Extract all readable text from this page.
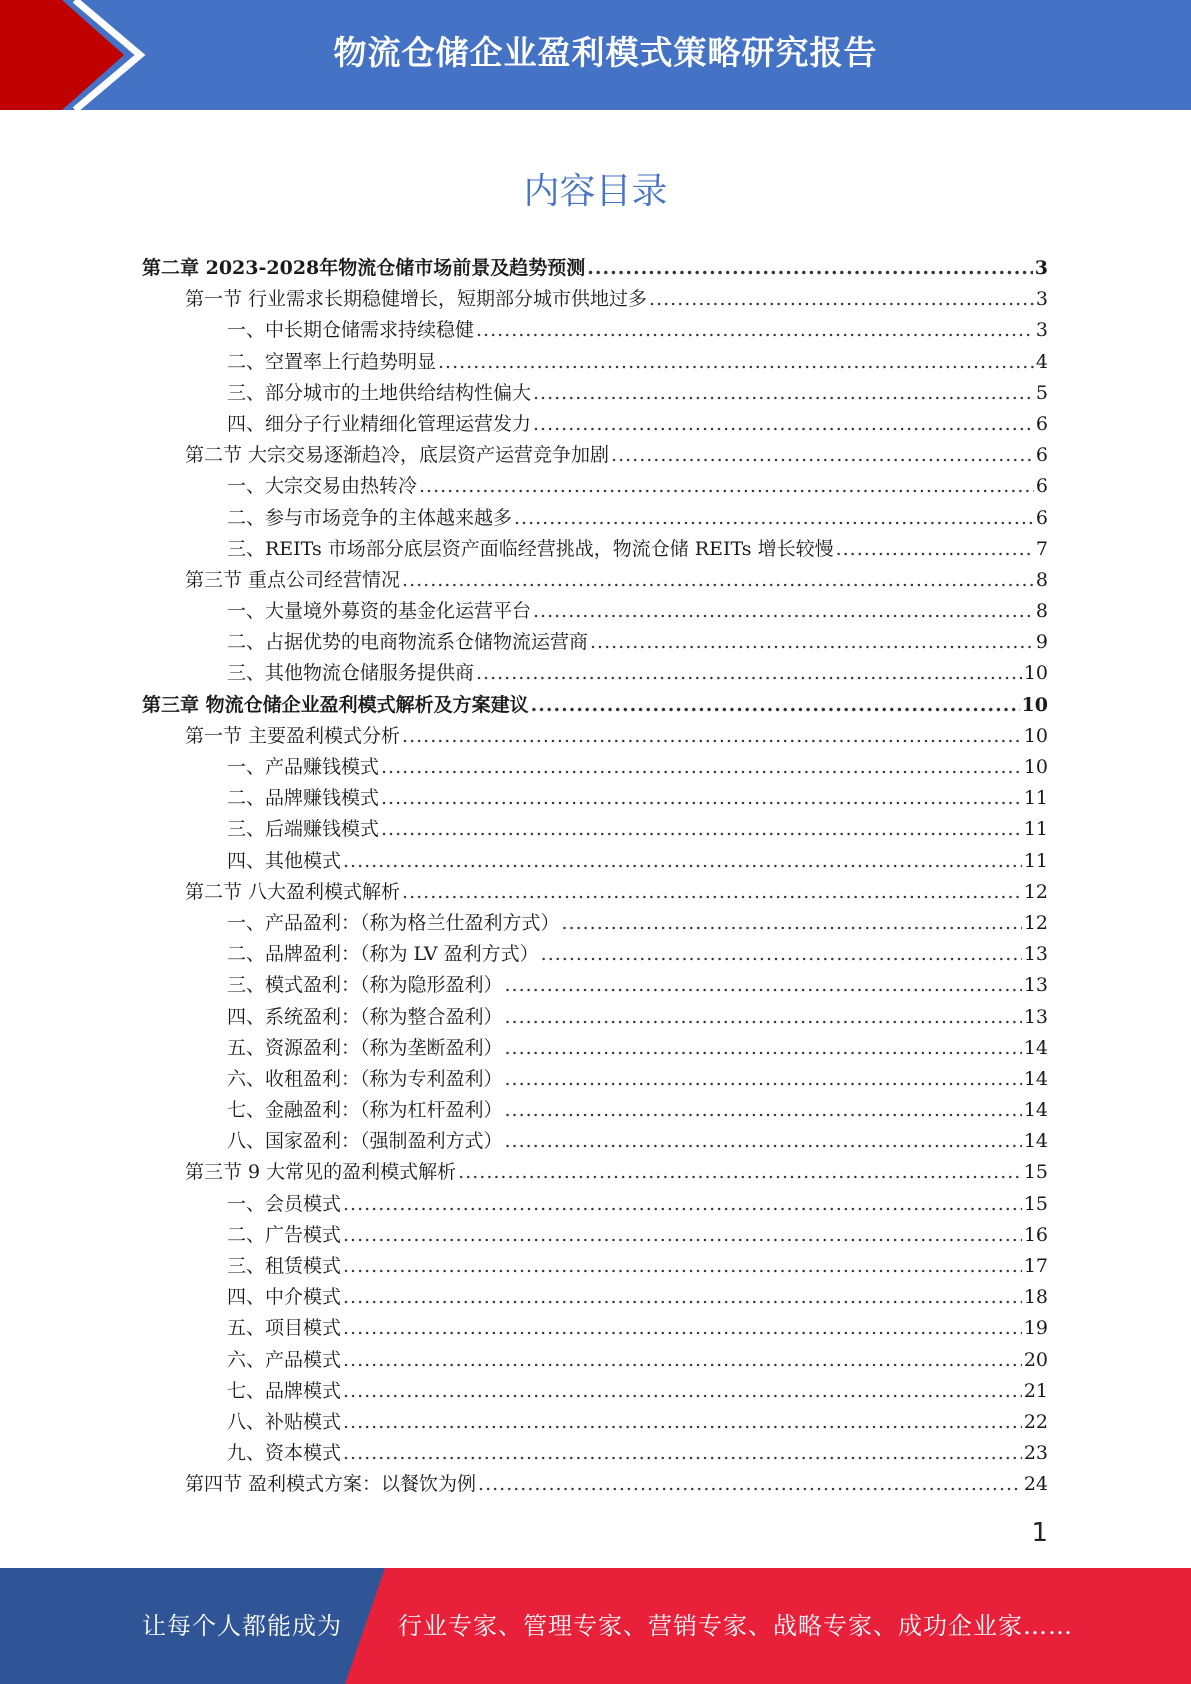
物流仓储企业盈利模式策略研究报告
内容目录
第二章 2023-2028年物流仓储市场前景及趋势预测 .....	3
第一节 行业需求长期稳健增长，短期部分城市供地过多 .....	3
一、中长期仓储需求持续稳健 .....	3
二、空置率上行趋势明显 .....	4
三、部分城市的土地供给结构性偏大 .....	5
四、细分子行业精细化管理运营发力 .....	6
第二节 大宗交易逐渐趋冷，底层资产运营竞争加剧 .....	6
一、大宗交易由热转冷 .....	6
二、参与市场竞争的主体越来越多 .....	6
三、REITs 市场部分底层资产面临经营挑战，物流仓储 REITs 增长较慢 .....	7
第三节 重点公司经营情况 .....	8
一、大量境外募资的基金化运营平台 .....	8
二、占据优势的电商物流系仓储物流运营商 .....	9
三、其他物流仓储服务提供商 .....	10
第三章 物流仓储企业盈利模式解析及方案建议 .....	10
第一节 主要盈利模式分析 .....	10
一、产品赚钱模式 .....	10
二、品牌赚钱模式 .....	11
三、后端赚钱模式 .....	11
四、其他模式 .....	11
第二节 八大盈利模式解析 .....	12
一、产品盈利：（称为格兰仕盈利方式） .....	12
二、品牌盈利：（称为 LV 盈利方式） .....	13
三、模式盈利：（称为隐形盈利） .....	13
四、系统盈利：（称为整合盈利） .....	13
五、资源盈利：（称为垄断盈利） .....	14
六、收租盈利：（称为专利盈利） .....	14
七、金融盈利：（称为杠杆盈利） .....	14
八、国家盈利：（强制盈利方式） .....	14
第三节 9 大常见的盈利模式解析 .....	15
一、会员模式 .....	15
二、广告模式 .....	16
三、租赁模式 .....	17
四、中介模式 .....	18
五、项目模式 .....	19
六、产品模式 .....	20
七、品牌模式 .....	21
八、补贴模式 .....	22
九、资本模式 .....	23
第四节 盈利模式方案：以餐饮为例 .....	24
1
让每个人都能成为 行业专家、管理专家、营销专家、战略专家、成功企业家……
